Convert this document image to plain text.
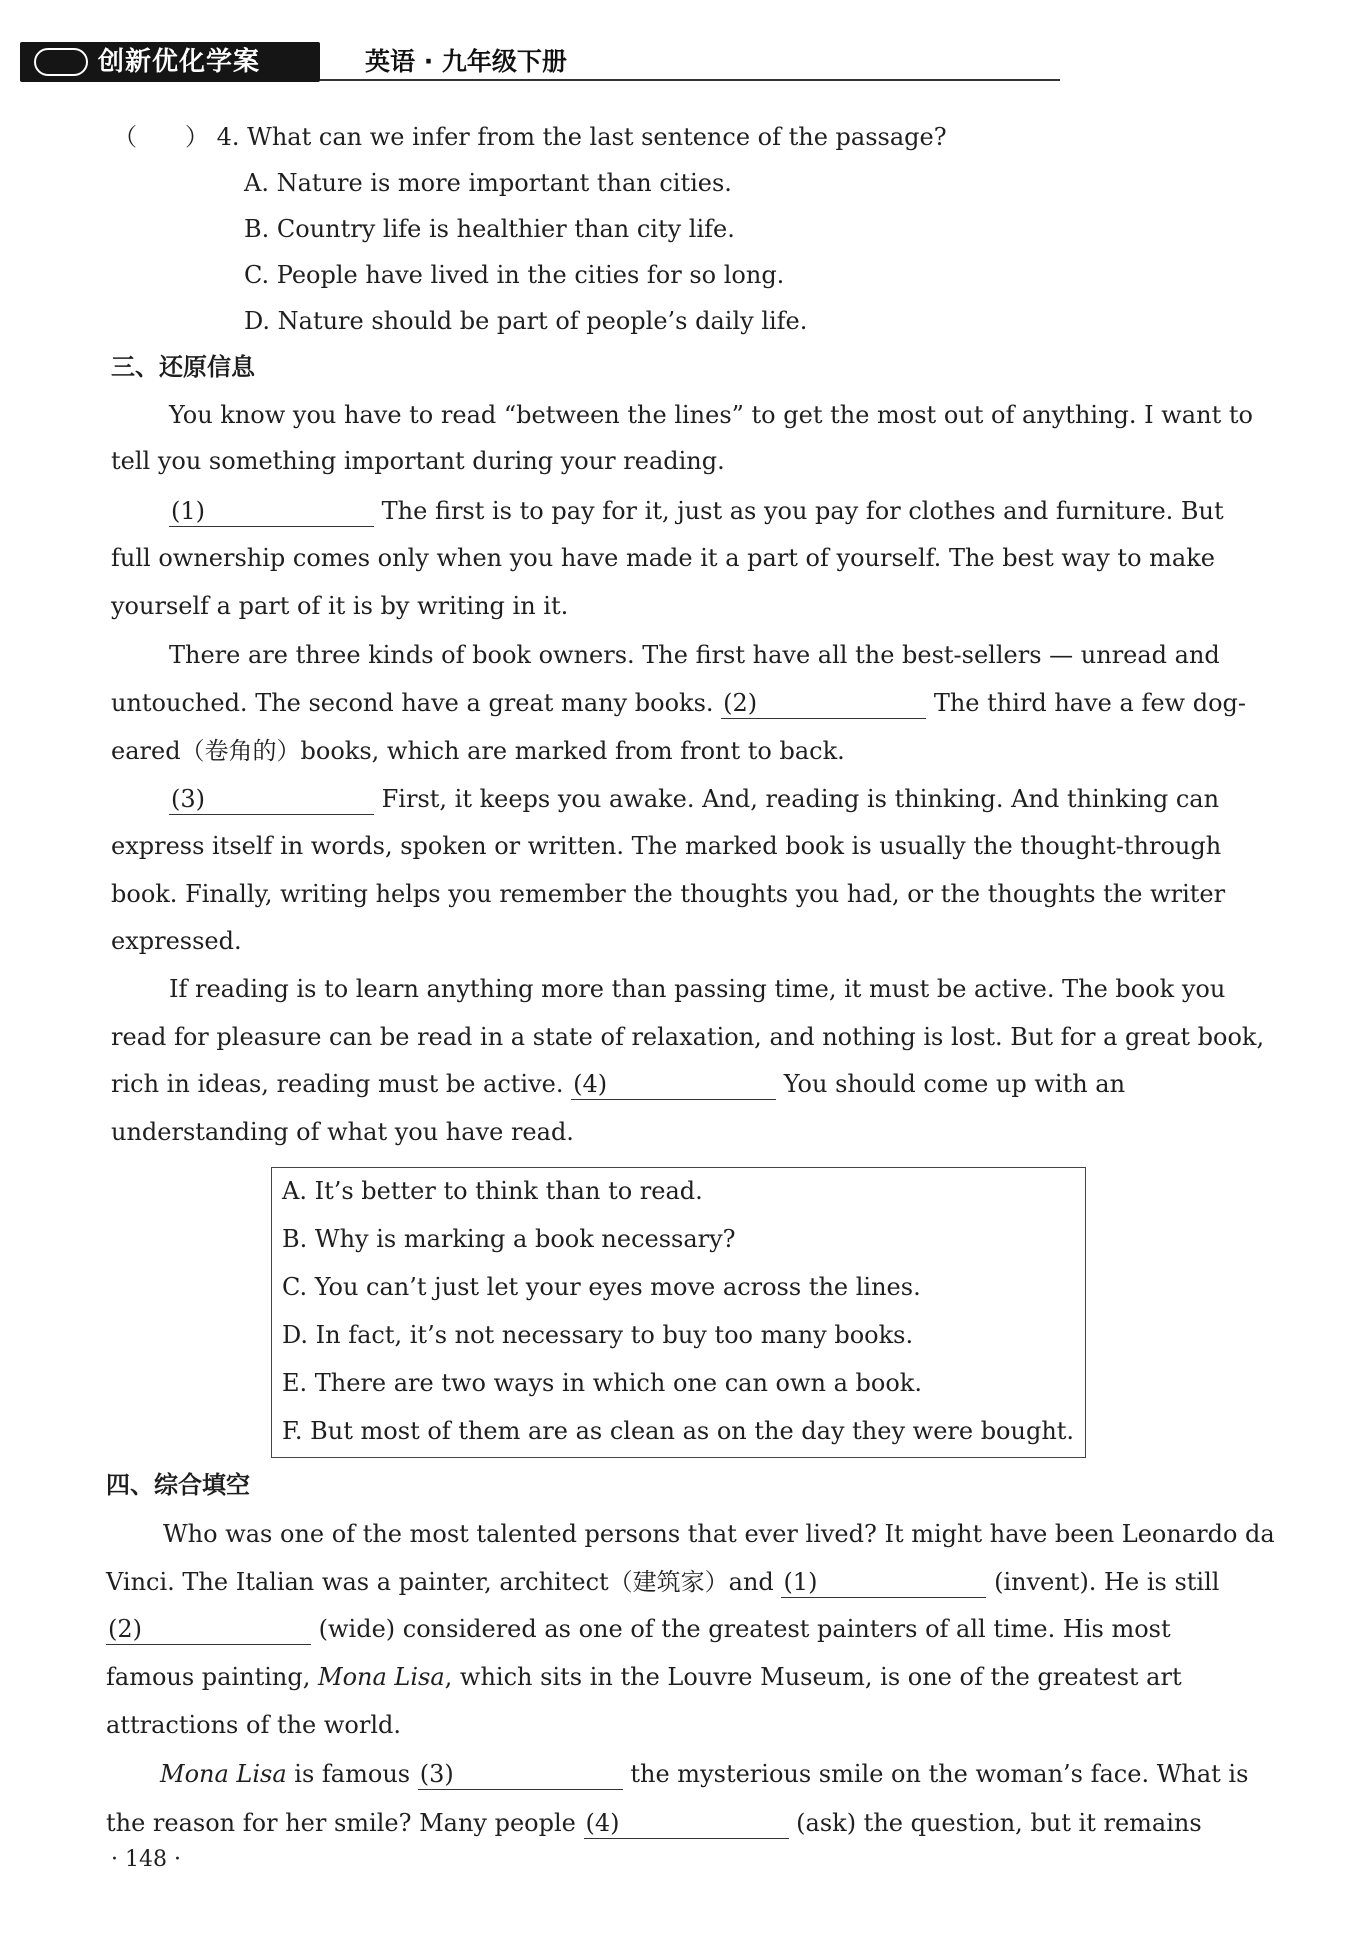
创新优化学案	英语 · 九年级下册
（　　） 4. What can we infer from the last sentence of the passage?
A. Nature is more important than cities.
B. Country life is healthier than city life.
C. People have lived in the cities for so long.
D. Nature should be part of people’s daily life.
三、还原信息
You know you have to read “between the lines” to get the most out of anything. I want to
tell you something important during your reading.
(1)	The first is to pay for it, just as you pay for clothes and furniture. But
full ownership comes only when you have made it a part of yourself. The best way to make
yourself a part of it is by writing in it.
There are three kinds of book owners. The first have all the best-sellers — unread and
untouched. The second have a great many books. (2)	The third have a few dog-
eared（卷角的）books, which are marked from front to back.
(3)	First, it keeps you awake. And, reading is thinking. And thinking can
express itself in words, spoken or written. The marked book is usually the thought-through
book. Finally, writing helps you remember the thoughts you had, or the thoughts the writer
expressed.
If reading is to learn anything more than passing time, it must be active. The book you
read for pleasure can be read in a state of relaxation, and nothing is lost. But for a great book,
rich in ideas, reading must be active. (4)	You should come up with an
understanding of what you have read.
A. It’s better to think than to read.
B. Why is marking a book necessary?
C. You can’t just let your eyes move across the lines.
D. In fact, it’s not necessary to buy too many books.
E. There are two ways in which one can own a book.
F. But most of them are as clean as on the day they were bought.
四、综合填空
Who was one of the most talented persons that ever lived? It might have been Leonardo da
Vinci. The Italian was a painter, architect（建筑家）and (1)	(invent). He is still
(2)	(wide) considered as one of the greatest painters of all time. His most
famous painting, Mona Lisa, which sits in the Louvre Museum, is one of the greatest art
attractions of the world.
Mona Lisa is famous (3)	the mysterious smile on the woman’s face. What is
the reason for her smile? Many people (4)	(ask) the question, but it remains
· 148 ·
